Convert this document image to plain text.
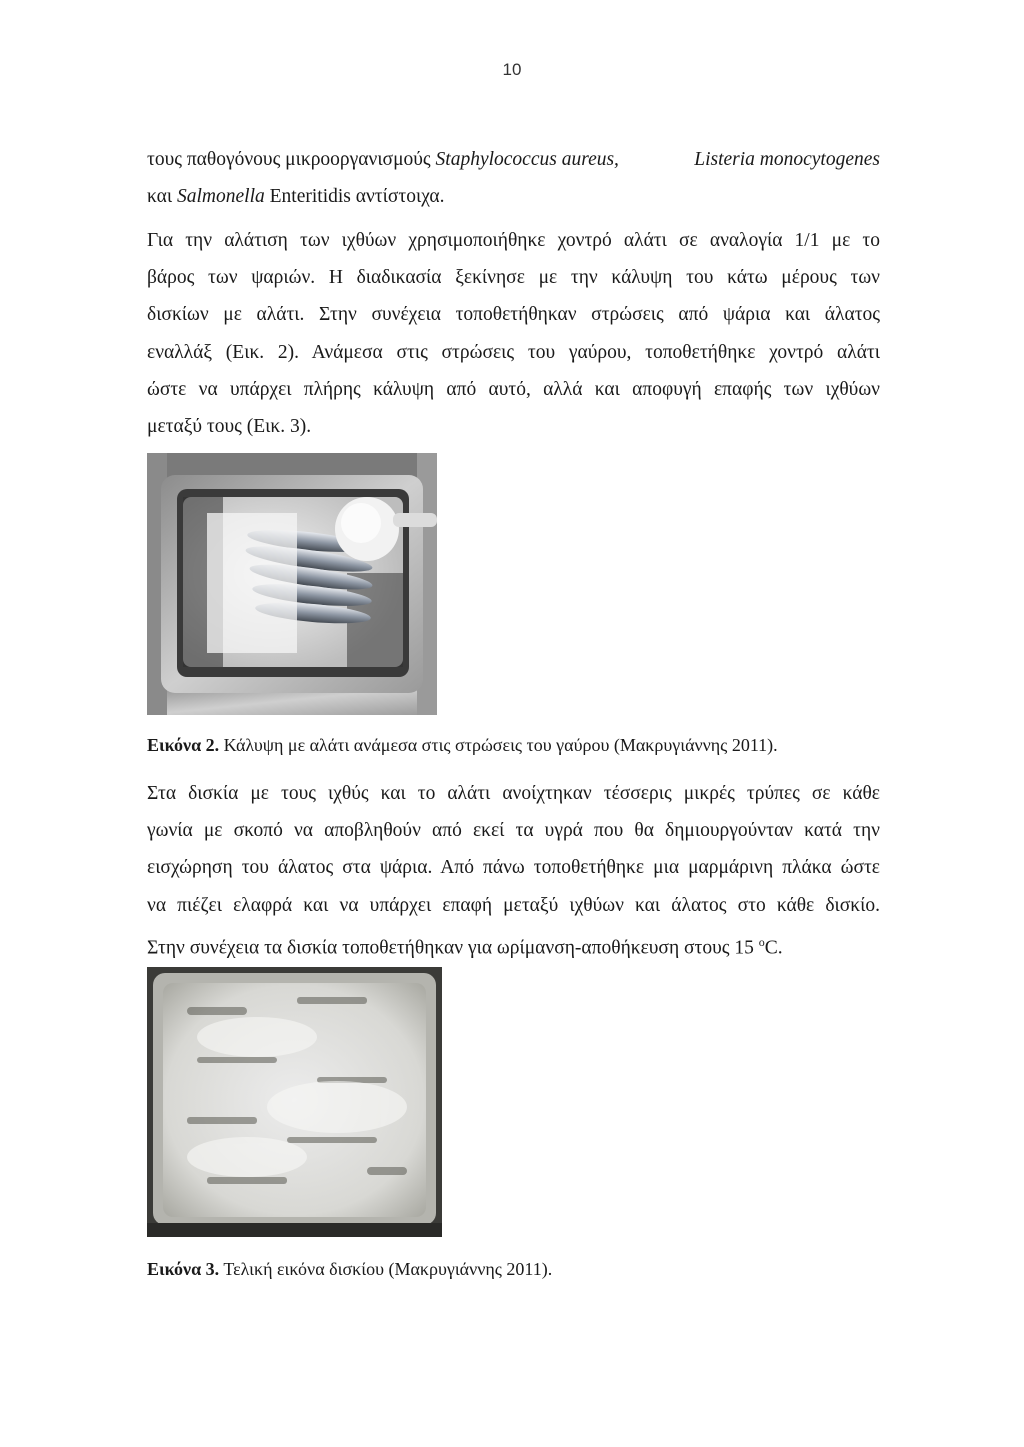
10
τους παθογόνους μικροοργανισμούς Staphylococcus aureus,	Listeria monocytogenes
και Salmonella Enteritidis αντίστοιχα.
Για την αλάτιση των ιχθύων χρησιμοποιήθηκε χοντρό αλάτι σε αναλογία 1/1 με το
βάρος των ψαριών. Η διαδικασία ξεκίνησε με την κάλυψη του κάτω μέρους των
δισκίων με αλάτι. Στην συνέχεια τοποθετήθηκαν στρώσεις από ψάρια και άλατος
εναλλάξ (Εικ. 2). Ανάμεσα στις στρώσεις του γαύρου, τοποθετήθηκε χοντρό αλάτι
ώστε να υπάρχει πλήρης κάλυψη από αυτό, αλλά και αποφυγή επαφής των ιχθύων
μεταξύ τους (Εικ. 3).

Εικόνα 2. Κάλυψη με αλάτι ανάμεσα στις στρώσεις του γαύρου (Μακρυγιάννης 2011).

Στα δισκία με τους ιχθύς και το αλάτι ανοίχτηκαν τέσσερις μικρές τρύπες σε κάθε
γωνία με σκοπό να αποβληθούν από εκεί τα υγρά που θα δημιουργούνταν κατά την
εισχώρηση του άλατος στα ψάρια. Από πάνω τοποθετήθηκε μια μαρμάρινη πλάκα ώστε
να πιέζει ελαφρά και να υπάρχει επαφή μεταξύ ιχθύων και άλατος στο κάθε δισκίο.
Στην συνέχεια τα δισκία τοποθετήθηκαν για ωρίμανση-αποθήκευση στους 15 $^o$C.

Εικόνα 3. Τελική εικόνα δισκίου (Μακρυγιάννης 2011).
